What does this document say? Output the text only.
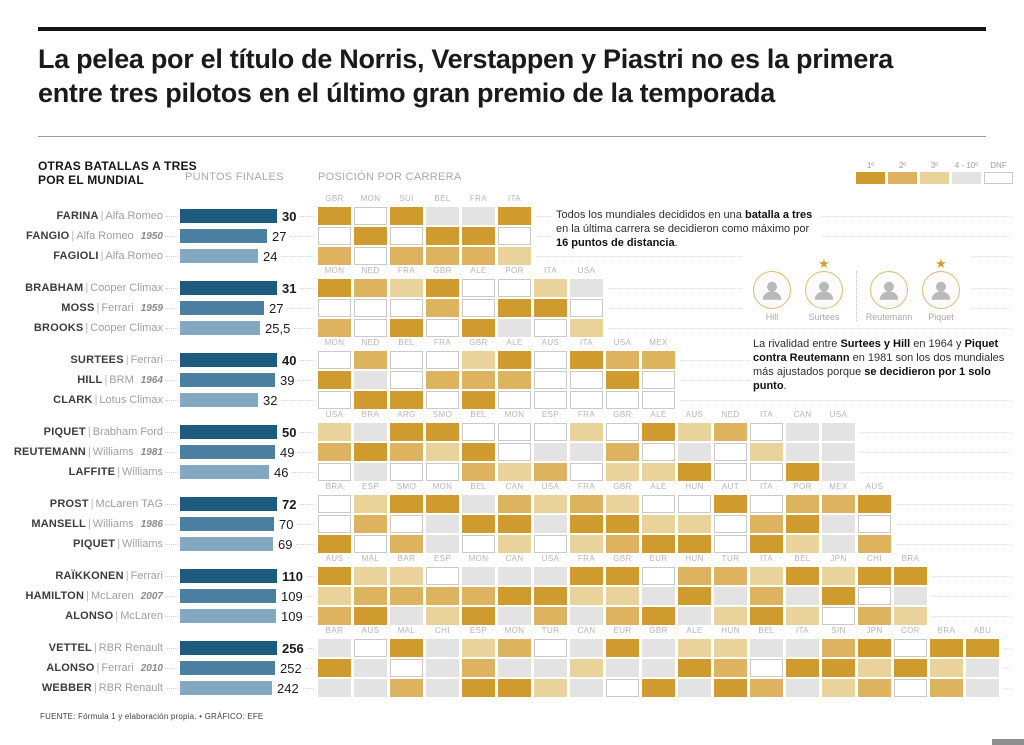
La pelea por el título de Norris, Verstappen y Piastri no es la primera
entre tres pilotos en el último gran premio de la temporada
OTRAS BATALLAS A TRES
POR EL MUNDIAL	PUNTOS FINALES	POSICIÓN POR CARRERA
1º	2º	3º 4 - 10º DNF
GBR	MON	SUI	BEL	FRA	ITA
FARINA | Alfa Romeo	30
FANGIO | Alfa Romeo 1950	27
FAGIOLI | Alfa Romeo	24
MON	NED	FRA	GBR	ALE	POR	ITA	USA
BRABHAM | Cooper Climax	31
MOSS | Ferrari 1959	27
BROOKS | Cooper Climax	25,5
MON	NED	BEL	FRA	GBR	ALE	AUS	ITA	USA	MEX
SURTEES | Ferrari	40
HILL | BRM 1964	39
CLARK | Lotus Climax	32
USA	BRA	ARG	SMO	BEL	MON	ESP	FRA	GBR	ALE	AUS	NED	ITA	CAN	USA
PIQUET | Brabham Ford	50
REUTEMANN | Williams 1981	49
LAFFITE | Williams	46
BRA	ESP	SMO	MON	BEL	CAN	USA	FRA	GBR	ALE	HUN	AUT	ITA	POR	MEX	AUS
PROST | McLaren TAG	72
MANSELL | Williams 1986	70
PIQUET | Williams	69
AUS	MAL	BAR	ESP	MON	CAN	USA	FRA	GBR	EUR	HUN	TUR	ITA	BEL	JPN	CHI	BRA
RAÏKKONEN | Ferrari	110
HAMILTON | McLaren 2007	109
ALONSO | McLaren	109
BAR	AUS	MAL	CHI	ESP	MON	TUR	CAN	EUR	GBR	ALE	HUN	BEL	ITA	SIN	JPN	COR	BRA	ABU
VETTEL | RBR Renault	256
ALONSO | Ferrari 2010	252
WEBBER | RBR Renault	242
Todos los mundiales decididos en una batalla a tres en la última carrera se decidieron como máximo por 16 puntos de distancia.
Hill
★
Surtees	Reutemann
★
Piquet
La rivalidad entre Surtees y Hill en 1964 y Piquet contra Reutemann en 1981 son los dos mundiales más ajustados porque se decidieron por 1 solo punto.
FUENTE: Fórmula 1 y elaboración propia. • GRÁFICO: EFE
